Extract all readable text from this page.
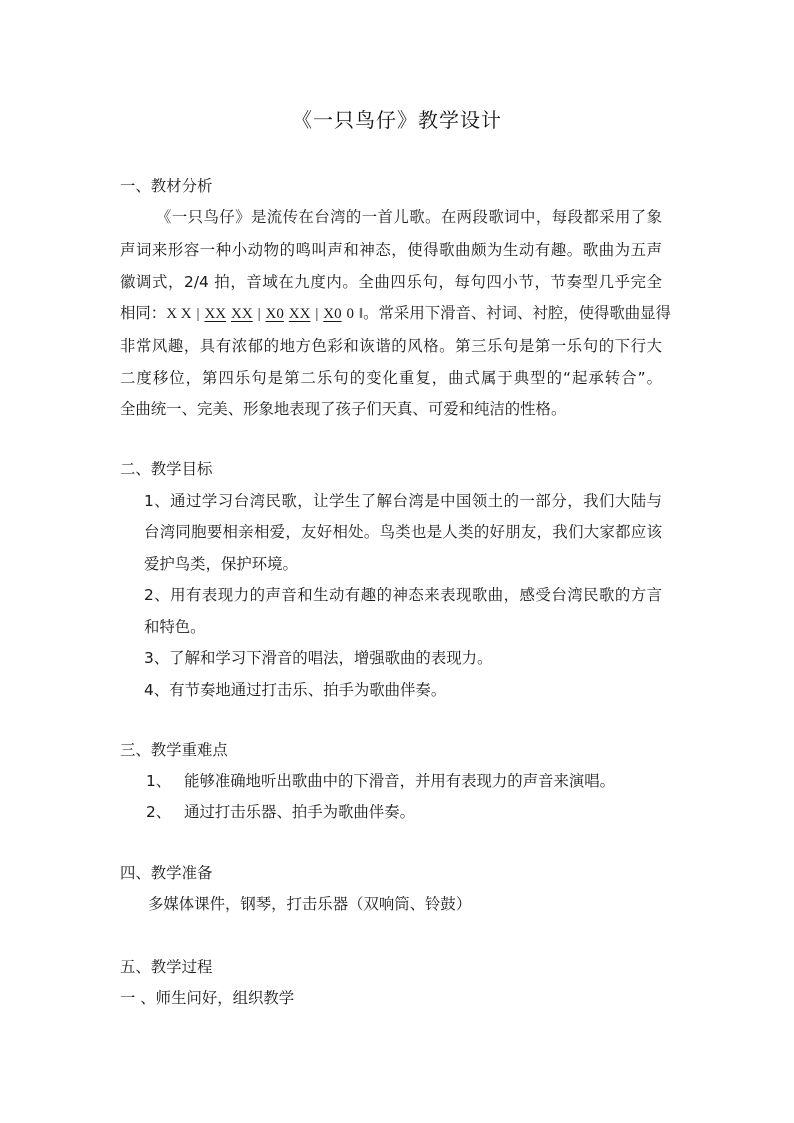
《一只鸟仔》教学设计
一、教材分析
《一只鸟仔》是流传在台湾的一首儿歌。在两段歌词中，每段都采用了象
声词来形容一种小动物的鸣叫声和神态，使得歌曲颇为生动有趣。歌曲为五声
徽调式，2/4 拍，音域在九度内。全曲四乐句，每句四小节，节奏型几乎完全
相同：X X | XX XX | X0 XX | X0 0 ‖。常采用下滑音、衬词、衬腔，使得歌曲显得
非常风趣，具有浓郁的地方色彩和诙谐的风格。第三乐句是第一乐句的下行大
二度移位，第四乐句是第二乐句的变化重复，曲式属于典型的“起承转合”。
全曲统一、完美、形象地表现了孩子们天真、可爱和纯洁的性格。
二、教学目标
1、通过学习台湾民歌，让学生了解台湾是中国领土的一部分，我们大陆与
台湾同胞要相亲相爱，友好相处。鸟类也是人类的好朋友，我们大家都应该
爱护鸟类，保护环境。
2、用有表现力的声音和生动有趣的神态来表现歌曲，感受台湾民歌的方言
和特色。
3、了解和学习下滑音的唱法，增强歌曲的表现力。
4、有节奏地通过打击乐、拍手为歌曲伴奏。
三、教学重难点
1、 能够准确地听出歌曲中的下滑音，并用有表现力的声音来演唱。
2、 通过打击乐器、拍手为歌曲伴奏。
四、教学准备
多媒体课件，钢琴，打击乐器（双响筒、铃鼓）
五、教学过程
一 、师生问好，组织教学
